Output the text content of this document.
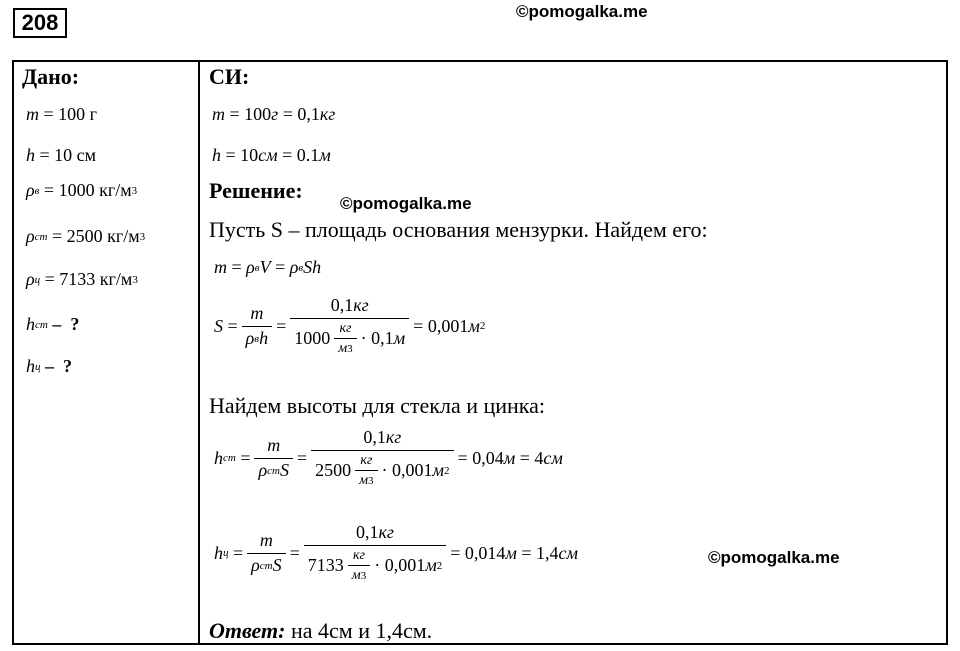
208	©pomogalka.me
Дано:
m = 100 г
h = 10 см
ρ в = 1000 кг/м 3
ρ ст = 2500 кг/м 3
ρ ц = 7133 кг/м 3
h ст –  ?
h ц –  ?
СИ:
m = 100 г = 0,1 кг
h = 10 см = 0.1 м
Решение:
©pomogalka.me
Пусть S – площадь основания мензурки. Найдем его:
m = ρ в V = ρ в Sh
$S = \frac{m}{\text{ρ в h}} = \frac{0,1кг}{1000 \frac{кг}{м 3} \cdot 0,1 м} = 0,001$ м 2
Найдем высоты для стекла и цинка:
h ст = $\frac{m}{\text{ρ ст S}} = \frac{0,1кг}{2500 \frac{кг}{м 3} \cdot 0,001 м 2} = 0,04$ м = 4 см
h $ц = \frac{m}{\text{ρ ст S}} = \frac{0,1кг}{7133 \frac{кг}{м 3} \cdot 0,001 м 2} = 0,014$ м = 1,4 см	©pomogalka.me
Ответ: на 4см и 1,4см.
